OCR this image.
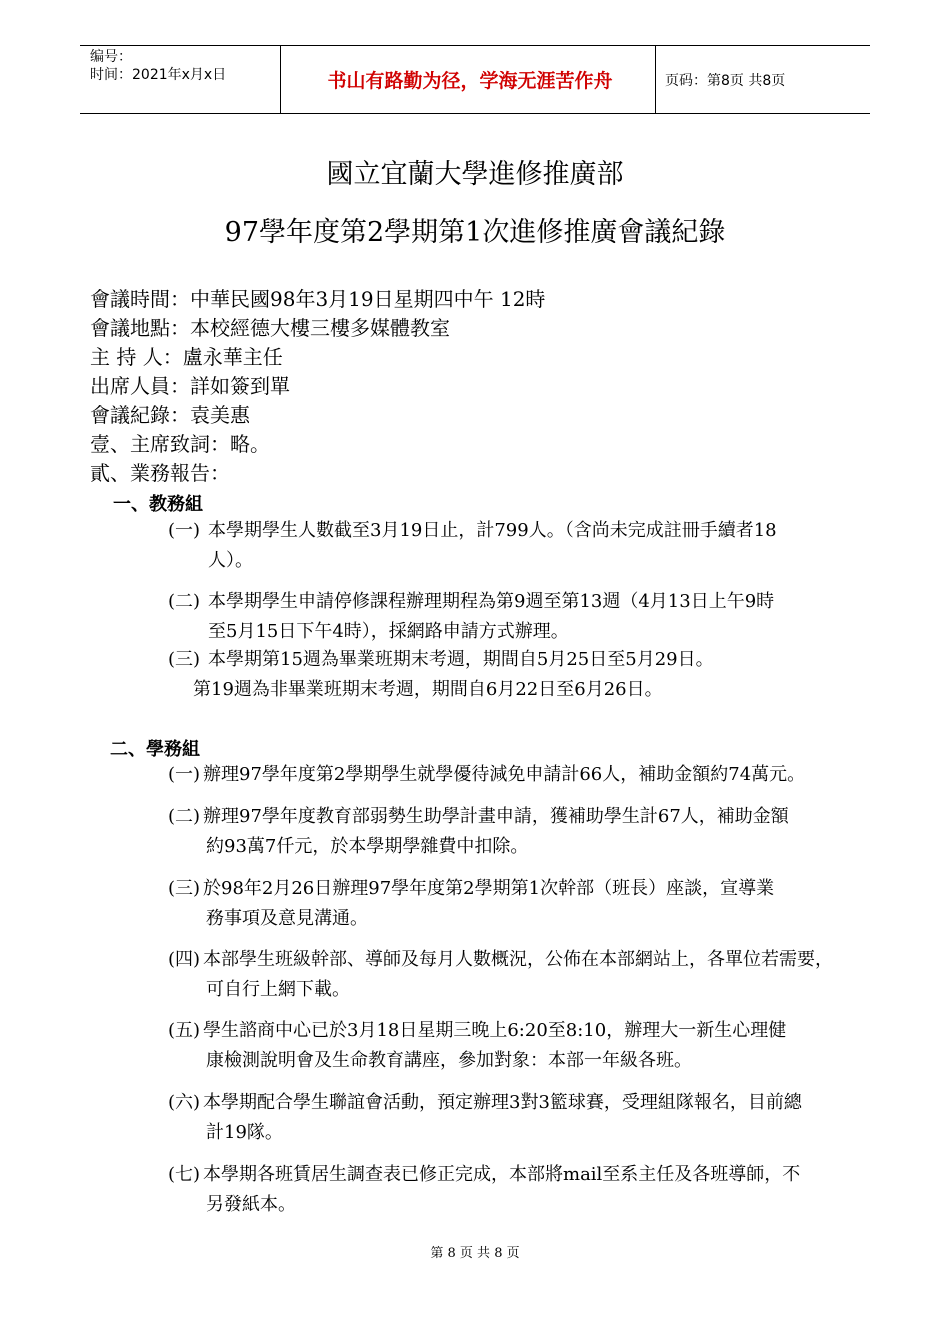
编号：
时间：2021年x月x日	书山有路勤为径，学海无涯苦作舟	页码：第8页 共8页
國立宜蘭大學進修推廣部
97學年度第2學期第1次進修推廣會議紀錄
會議時間：中華民國98年3月19日星期四中午 12時
會議地點：本校經德大樓三樓多媒體教室
主 持 人：盧永華主任
出席人員：詳如簽到單
會議紀錄：袁美惠
壹、主席致詞：略。
貳、業務報告：
一、教務組
(一) 本學期學生人數截至3月19日止，計799人。（含尚未完成註冊手續者18
人）。
(二) 本學期學生申請停修課程辦理期程為第9週至第13週（4月13日上午9時
至5月15日下午4時），採網路申請方式辦理。
(三) 本學期第15週為畢業班期末考週，期間自5月25日至5月29日。
第19週為非畢業班期末考週，期間自6月22日至6月26日。
二、學務組
(一) 辦理97學年度第2學期學生就學優待減免申請計66人，補助金額約74萬元。
(二) 辦理97學年度教育部弱勢生助學計畫申請，獲補助學生計67人，補助金額
約93萬7仟元，於本學期學雜費中扣除。
(三) 於98年2月26日辦理97學年度第2學期第1次幹部（班長）座談，宣導業
務事項及意見溝通。
(四) 本部學生班級幹部、導師及每月人數概況，公佈在本部網站上，各單位若需要，
可自行上網下載。
(五) 學生諮商中心已於3月18日星期三晚上6:20至8:10，辦理大一新生心理健
康檢測說明會及生命教育講座，參加對象：本部一年級各班。
(六) 本學期配合學生聯誼會活動，預定辦理3對3籃球賽，受理組隊報名，目前總
計19隊。
(七) 本學期各班賃居生調查表已修正完成，本部將mail至系主任及各班導師，不
另發紙本。
第 8 页 共 8 页
